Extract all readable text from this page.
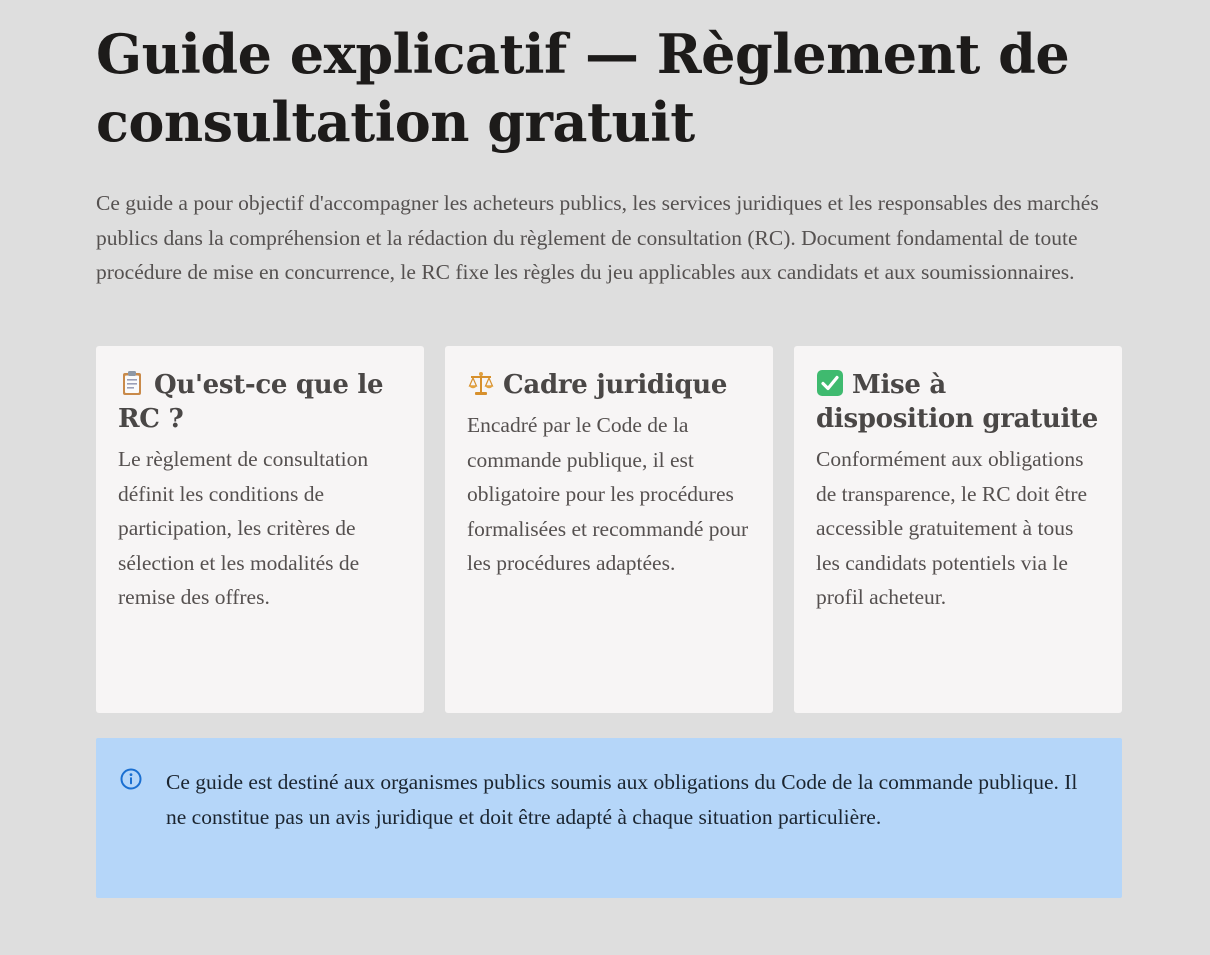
Guide explicatif — Règlement de consultation gratuit

Ce guide a pour objectif d'accompagner les acheteurs publics, les services juridiques et les responsables des marchés publics dans la compréhension et la rédaction du règlement de consultation (RC). Document fondamental de toute procédure de mise en concurrence, le RC fixe les règles du jeu applicables aux candidats et aux soumissionnaires.

Qu'est-ce que le RC ?

Le règlement de consultation définit les conditions de participation, les critères de sélection et les modalités de remise des offres.

Cadre juridique

Encadré par le Code de la commande publique, il est obligatoire pour les procédures formalisées et recommandé pour les procédures adaptées.

Mise à disposition gratuite

Conformément aux obligations de transparence, le RC doit être accessible gratuitement à tous les candidats potentiels via le profil acheteur.

Ce guide est destiné aux organismes publics soumis aux obligations du Code de la commande publique. Il ne constitue pas un avis juridique et doit être adapté à chaque situation particulière.
